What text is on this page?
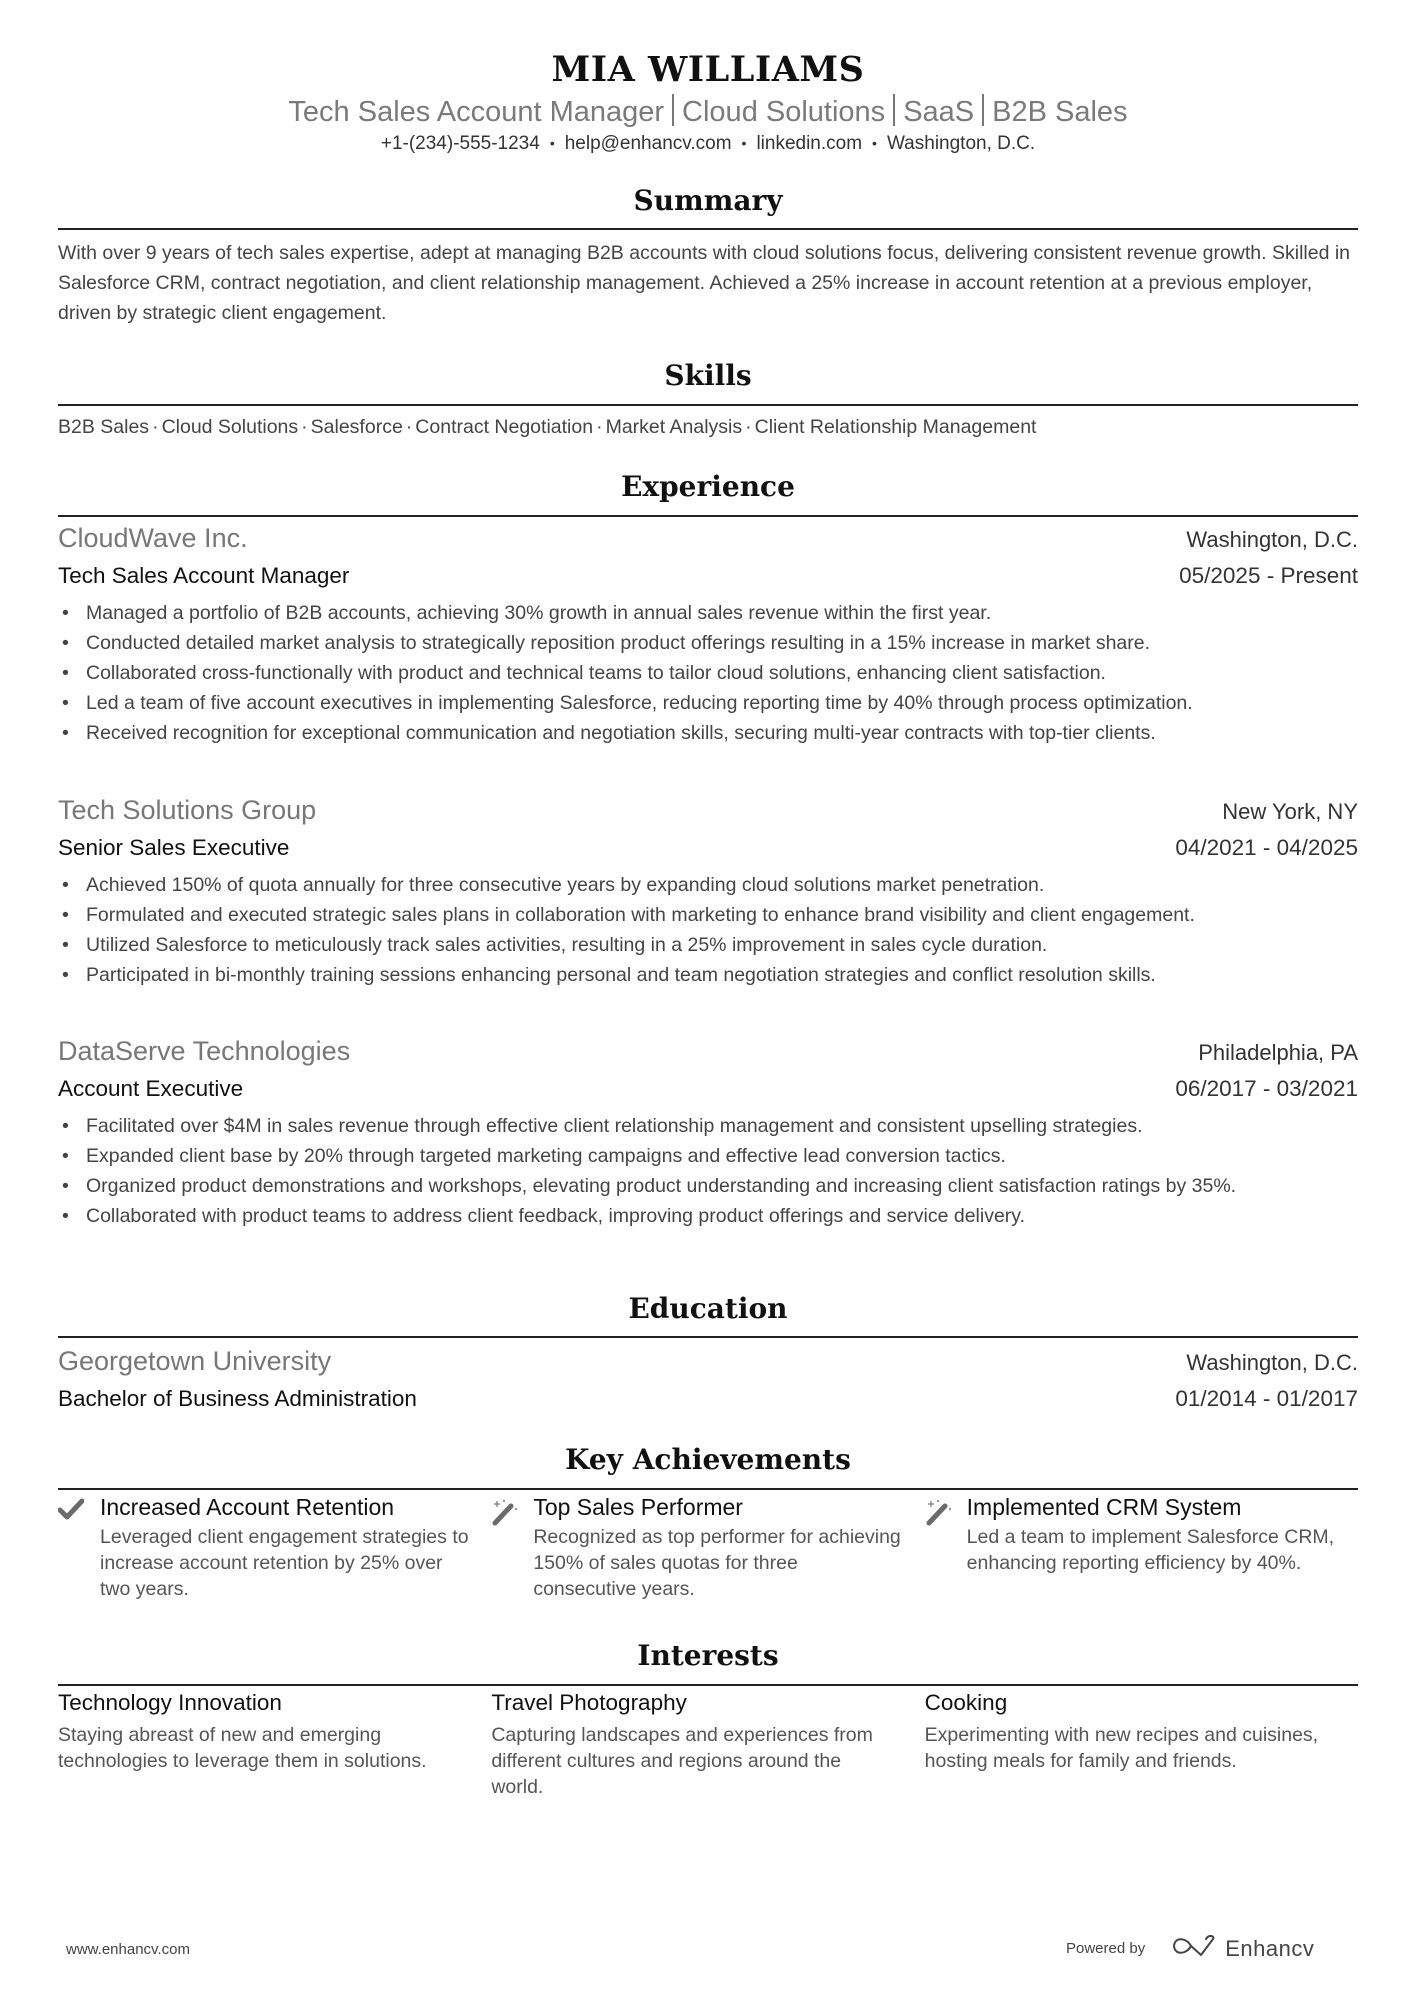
MIA WILLIAMS
Tech Sales Account Manager Cloud Solutions SaaS B2B Sales
+1-(234)-555-1234 • help@enhancv.com • linkedin.com • Washington, D.C.
Summary
With over 9 years of tech sales expertise, adept at managing B2B accounts with cloud solutions focus, delivering consistent revenue growth. Skilled in Salesforce CRM, contract negotiation, and client relationship management. Achieved a 25% increase in account retention at a previous employer, driven by strategic client engagement.
Skills
B2B Sales · Cloud Solutions · Salesforce · Contract Negotiation · Market Analysis · Client Relationship Management
Experience
CloudWave Inc.	Washington, D.C.
Tech Sales Account Manager	05/2025 - Present
• Managed a portfolio of B2B accounts, achieving 30% growth in annual sales revenue within the first year.
• Conducted detailed market analysis to strategically reposition product offerings resulting in a 15% increase in market share.
• Collaborated cross-functionally with product and technical teams to tailor cloud solutions, enhancing client satisfaction.
• Led a team of five account executives in implementing Salesforce, reducing reporting time by 40% through process optimization.
• Received recognition for exceptional communication and negotiation skills, securing multi-year contracts with top-tier clients.
Tech Solutions Group	New York, NY
Senior Sales Executive	04/2021 - 04/2025
• Achieved 150% of quota annually for three consecutive years by expanding cloud solutions market penetration.
• Formulated and executed strategic sales plans in collaboration with marketing to enhance brand visibility and client engagement.
• Utilized Salesforce to meticulously track sales activities, resulting in a 25% improvement in sales cycle duration.
• Participated in bi-monthly training sessions enhancing personal and team negotiation strategies and conflict resolution skills.
DataServe Technologies	Philadelphia, PA
Account Executive	06/2017 - 03/2021
• Facilitated over $4M in sales revenue through effective client relationship management and consistent upselling strategies.
• Expanded client base by 20% through targeted marketing campaigns and effective lead conversion tactics.
• Organized product demonstrations and workshops, elevating product understanding and increasing client satisfaction ratings by 35%.
• Collaborated with product teams to address client feedback, improving product offerings and service delivery.
Education
Georgetown University	Washington, D.C.
Bachelor of Business Administration	01/2014 - 01/2017
Key Achievements
Increased Account Retention
Leveraged client engagement strategies to increase account retention by 25% over two years.
Top Sales Performer
Recognized as top performer for achieving 150% of sales quotas for three consecutive years.
Implemented CRM System
Led a team to implement Salesforce CRM, enhancing reporting efficiency by 40%.
Interests
Technology Innovation
Staying abreast of new and emerging technologies to leverage them in solutions.
Travel Photography
Capturing landscapes and experiences from different cultures and regions around the world.
Cooking
Experimenting with new recipes and cuisines, hosting meals for family and friends.
www.enhancv.com	Powered by	Enhancv
